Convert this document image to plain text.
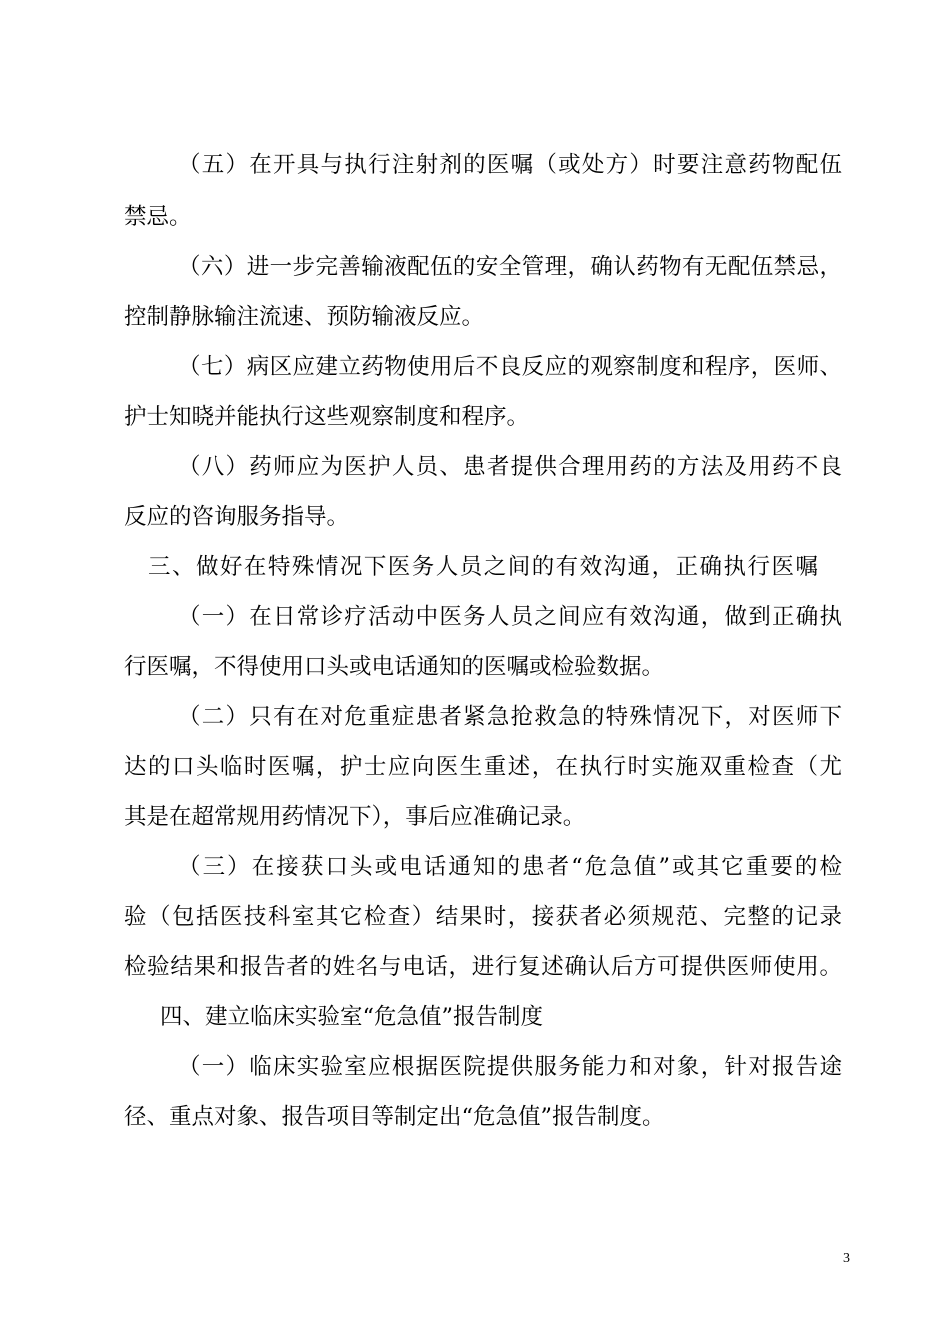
（五）在开具与执行注射剂的医嘱（或处方）时要注意药物配伍

禁忌。

（六）进一步完善输液配伍的安全管理，确认药物有无配伍禁忌，

控制静脉输注流速、预防输液反应。

（七）病区应建立药物使用后不良反应的观察制度和程序，医师、

护士知晓并能执行这些观察制度和程序。

（八）药师应为医护人员、患者提供合理用药的方法及用药不良

反应的咨询服务指导。

三、做好在特殊情况下医务人员之间的有效沟通，正确执行医嘱

（一）在日常诊疗活动中医务人员之间应有效沟通，做到正确执

行医嘱，不得使用口头或电话通知的医嘱或检验数据。

（二）只有在对危重症患者紧急抢救急的特殊情况下，对医师下

达的口头临时医嘱，护士应向医生重述，在执行时实施双重检查（尤

其是在超常规用药情况下），事后应准确记录。

（三）在接获口头或电话通知的患者“危急值”或其它重要的检

验（包括医技科室其它检查）结果时，接获者必须规范、完整的记录

检验结果和报告者的姓名与电话，进行复述确认后方可提供医师使用。

四、建立临床实验室“危急值”报告制度

（一）临床实验室应根据医院提供服务能力和对象，针对报告途

径、重点对象、报告项目等制定出“危急值”报告制度。

3
